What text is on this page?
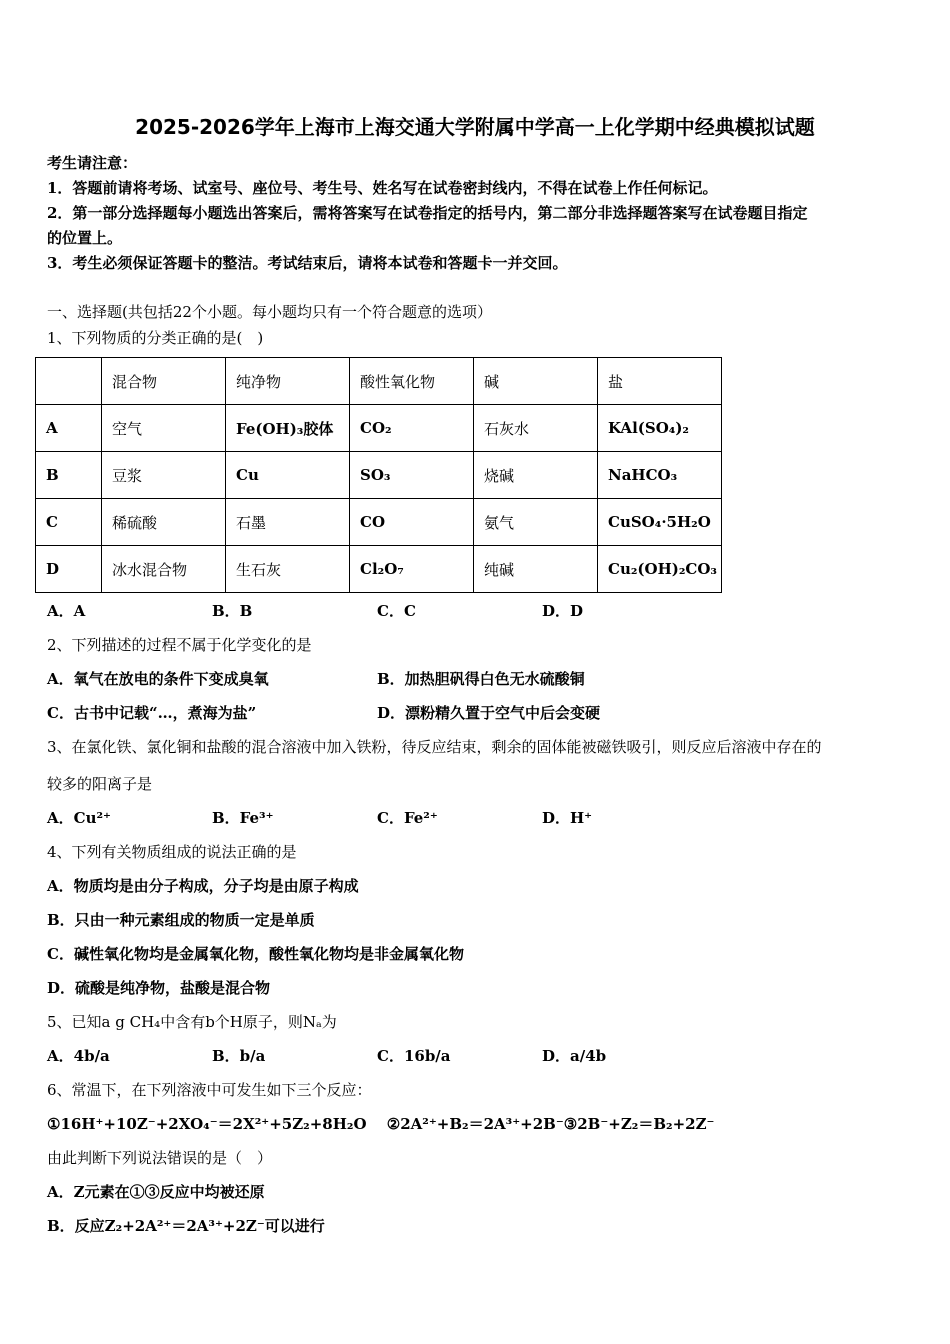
2025-2026学年上海市上海交通大学附属中学高一上化学期中经典模拟试题
考生请注意：
1．答题前请将考场、试室号、座位号、考生号、姓名写在试卷密封线内，不得在试卷上作任何标记。
2．第一部分选择题每小题选出答案后，需将答案写在试卷指定的括号内，第二部分非选择题答案写在试卷题目指定
的位置上。
3．考生必须保证答题卡的整洁。考试结束后，请将本试卷和答题卡一并交回。
一、选择题(共包括22个小题。每小题均只有一个符合题意的选项）
1、下列物质的分类正确的是(　)
	混合物	纯净物	酸性氧化物	碱	盐
A	空气	Fe(OH)₃胶体	CO₂	石灰水	KAl(SO₄)₂
B	豆浆	Cu	SO₃	烧碱	NaHCO₃
C	稀硫酸	石墨	CO	氨气	CuSO₄·5H₂O
D	冰水混合物	生石灰	Cl₂O₇	纯碱	Cu₂(OH)₂CO₃
A．A	B．B	C．C	D．D
2、下列描述的过程不属于化学变化的是
A．氧气在放电的条件下变成臭氧	B．加热胆矾得白色无水硫酸铜
C．古书中记载“…，煮海为盐”	D．漂粉精久置于空气中后会变硬
3、在氯化铁、氯化铜和盐酸的混合溶液中加入铁粉，待反应结束，剩余的固体能被磁铁吸引，则反应后溶液中存在的
较多的阳离子是
A．Cu²⁺	B．Fe³⁺	C．Fe²⁺	D．H⁺
4、下列有关物质组成的说法正确的是
A．物质均是由分子构成，分子均是由原子构成
B．只由一种元素组成的物质一定是单质
C．碱性氧化物均是金属氧化物，酸性氧化物均是非金属氧化物
D．硫酸是纯净物，盐酸是混合物
5、已知a g CH₄中含有b个H原子，则Nₐ为
A．4b/a	B．b/a	C．16b/a	D．a/4b
6、常温下，在下列溶液中可发生如下三个反应：
①16H⁺+10Z⁻+2XO₄⁻＝2X²⁺+5Z₂+8H₂O　 ②2A²⁺+B₂＝2A³⁺+2B⁻③2B⁻+Z₂＝B₂+2Z⁻
由此判断下列说法错误的是（　）
A．Z元素在①③反应中均被还原
B．反应Z₂+2A²⁺＝2A³⁺+2Z⁻可以进行
